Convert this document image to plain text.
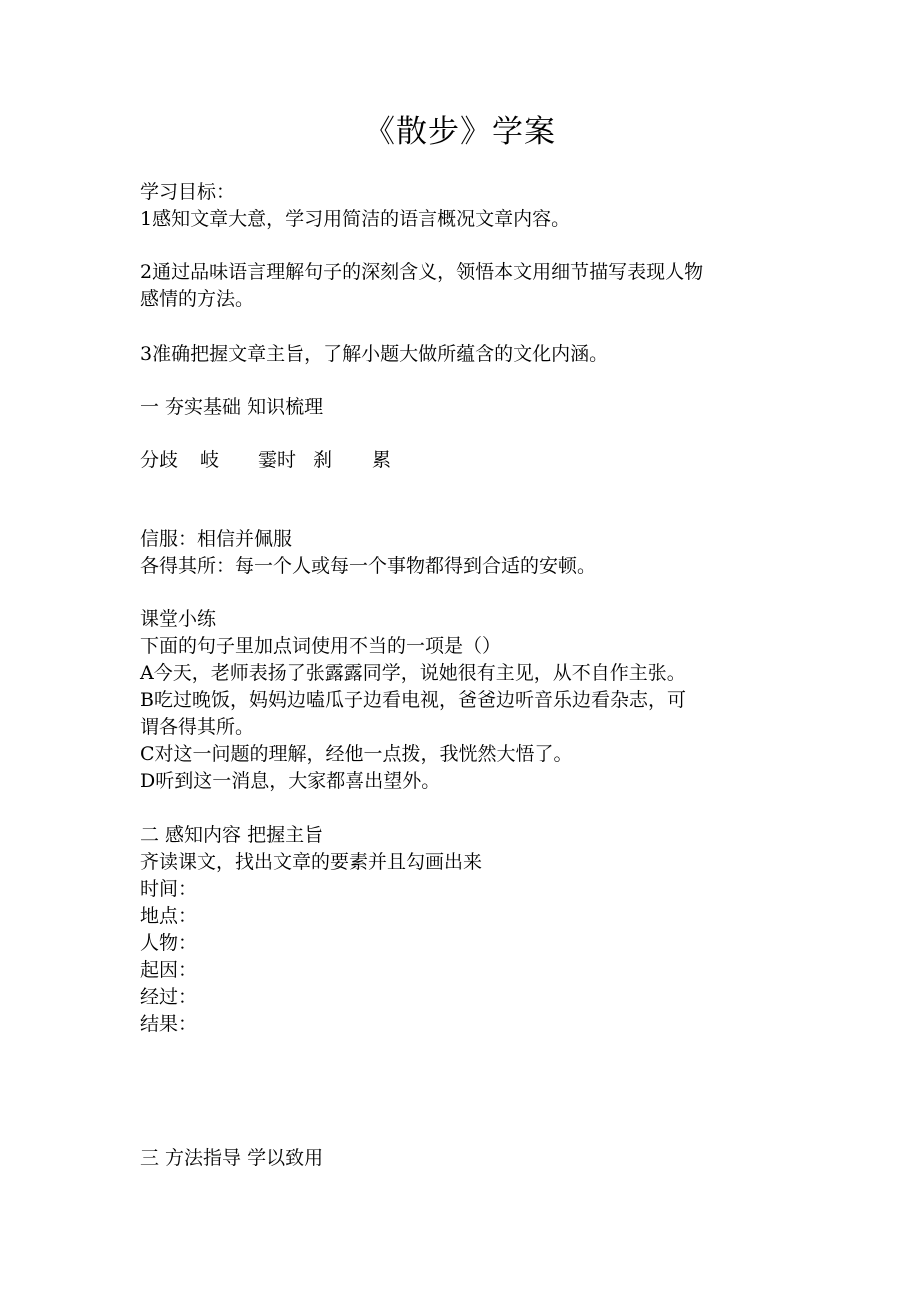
《散步》学案
学习目标：
1感知文章大意，学习用简洁的语言概况文章内容。
2通过品味语言理解句子的深刻含义，领悟本文用细节描写表现人物
感情的方法。
3准确把握文章主旨，了解小题大做所蕴含的文化内涵。
一 夯实基础 知识梳理
分歧 岐 霎时 刹 累
信服：相信并佩服
各得其所：每一个人或每一个事物都得到合适的安顿。
课堂小练
下面的句子里加点词使用不当的一项是（）
A今天，老师表扬了张露露同学，说她很有主见，从不自作主张。
B吃过晚饭，妈妈边嗑瓜子边看电视，爸爸边听音乐边看杂志，可
谓各得其所。
C对这一问题的理解，经他一点拨，我恍然大悟了。
D听到这一消息，大家都喜出望外。
二 感知内容 把握主旨
齐读课文，找出文章的要素并且勾画出来
时间：
地点：
人物：
起因：
经过：
结果：
三 方法指导 学以致用
